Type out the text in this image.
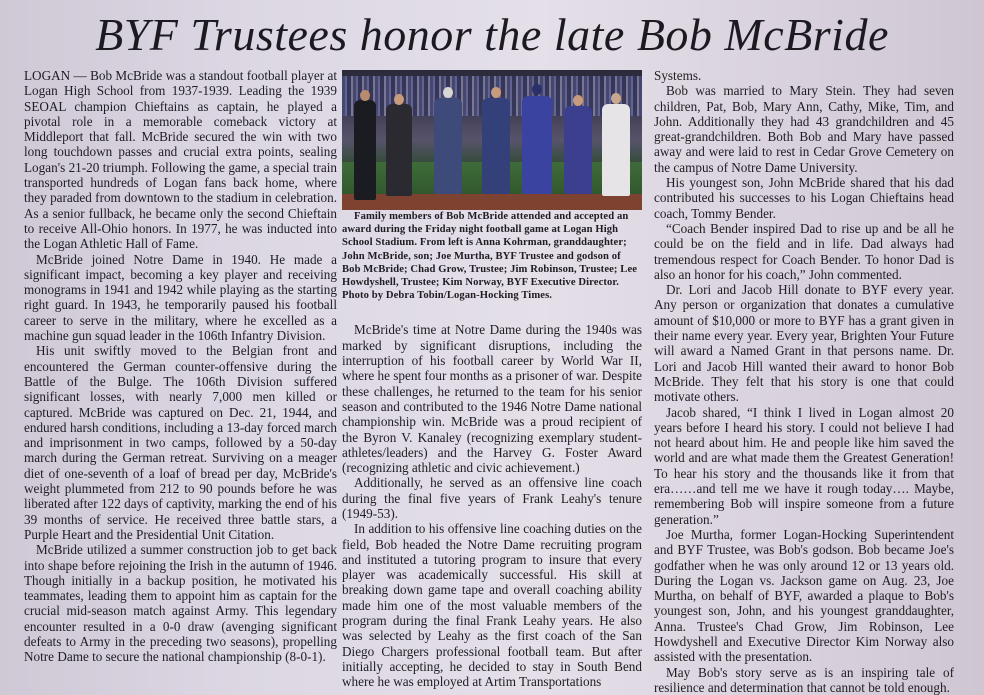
BYF Trustees honor the late Bob McBride

LOGAN — Bob McBride was a standout football player at Logan High School from 1937-1939. Leading the 1939 SEOAL champion Chieftains as captain, he played a pivotal role in a memorable comeback victory at Middleport that fall. McBride secured the win with two long touchdown passes and crucial extra points, sealing Logan's 21-20 triumph. Following the game, a special train transported hundreds of Logan fans back home, where they paraded from downtown to the stadium in celebration. As a senior fullback, he became only the second Chieftain to receive All-Ohio honors. In 1977, he was inducted into the Logan Athletic Hall of Fame.

McBride joined Notre Dame in 1940. He made a significant impact, becoming a key player and receiving monograms in 1941 and 1942 while playing as the starting right guard. In 1943, he temporarily paused his football career to serve in the military, where he excelled as a machine gun squad leader in the 106th Infantry Division.

His unit swiftly moved to the Belgian front and encountered the German counter-offensive during the Battle of the Bulge. The 106th Division suffered significant losses, with nearly 7,000 men killed or captured. McBride was captured on Dec. 21, 1944, and endured harsh conditions, including a 13-day forced march and imprisonment in two camps, followed by a 50-day march during the German retreat. Surviving on a meager diet of one-seventh of a loaf of bread per day, McBride's weight plummeted from 212 to 90 pounds before he was liberated after 122 days of captivity, marking the end of his 39 months of service. He received three battle stars, a Purple Heart and the Presidential Unit Citation.

McBride utilized a summer construction job to get back into shape before rejoining the Irish in the autumn of 1946. Though initially in a backup position, he motivated his teammates, leading them to appoint him as captain for the crucial mid-season match against Army. This legendary encounter resulted in a 0-0 draw (avenging significant defeats to Army in the preceding two seasons), propelling Notre Dame to secure the national championship (8-0-1).

Family members of Bob McBride attended and accepted an award during the Friday night football game at Logan High School Stadium. From left is Anna Kohrman, granddaughter; John McBride, son; Joe Murtha, BYF Trustee and godson of Bob McBride; Chad Grow, Trustee; Jim Robinson, Trustee; Lee Howdyshell, Trustee; Kim Norway, BYF Executive Director. Photo by Debra Tobin/Logan-Hocking Times.

McBride's time at Notre Dame during the 1940s was marked by significant disruptions, including the interruption of his football career by World War II, where he spent four months as a prisoner of war. Despite these challenges, he returned to the team for his senior season and contributed to the 1946 Notre Dame national championship win. McBride was a proud recipient of the Byron V. Kanaley (recognizing exemplary student-athletes/leaders) and the Harvey G. Foster Award (recognizing athletic and civic achievement.)

Additionally, he served as an offensive line coach during the final five years of Frank Leahy's tenure (1949-53).

In addition to his offensive line coaching duties on the field, Bob headed the Notre Dame recruiting program and instituted a tutoring program to insure that every player was academically successful. His skill at breaking down game tape and overall coaching ability made him one of the most valuable members of the program during the final Frank Leahy years. He also was selected by Leahy as the first coach of the San Diego Chargers professional football team. But after initially accepting, he decided to stay in South Bend where he was employed at Artim Transportations

Systems.

Bob was married to Mary Stein. They had seven children, Pat, Bob, Mary Ann, Cathy, Mike, Tim, and John. Additionally they had 43 grandchildren and 45 great-grandchildren. Both Bob and Mary have passed away and were laid to rest in Cedar Grove Cemetery on the campus of Notre Dame University.

His youngest son, John McBride shared that his dad contributed his successes to his Logan Chieftains head coach, Tommy Bender.

“Coach Bender inspired Dad to rise up and be all he could be on the field and in life. Dad always had tremendous respect for Coach Bender. To honor Dad is also an honor for his coach,” John commented.

Dr. Lori and Jacob Hill donate to BYF every year. Any person or organization that donates a cumulative amount of $10,000 or more to BYF has a grant given in their name every year. Every year, Brighten Your Future will award a Named Grant in that persons name. Dr. Lori and Jacob Hill wanted their award to honor Bob McBride. They felt that his story is one that could motivate others.

Jacob shared, “I think I lived in Logan almost 20 years before I heard his story. I could not believe I had not heard about him. He and people like him saved the world and are what made them the Greatest Generation! To hear his story and the thousands like it from that era……and tell me we have it rough today…. Maybe, remembering Bob will inspire someone from a future generation.”

Joe Murtha, former Logan-Hocking Superintendent and BYF Trustee, was Bob's godson. Bob became Joe's godfather when he was only around 12 or 13 years old. During the Logan vs. Jackson game on Aug. 23, Joe Murtha, on behalf of BYF, awarded a plaque to Bob's youngest son, John, and his youngest granddaughter, Anna. Trustee's Chad Grow, Jim Robinson, Lee Howdyshell and Executive Director Kim Norway also assisted with the presentation.

May Bob's story serve as is an inspiring tale of resilience and determination that cannot be told enough.
